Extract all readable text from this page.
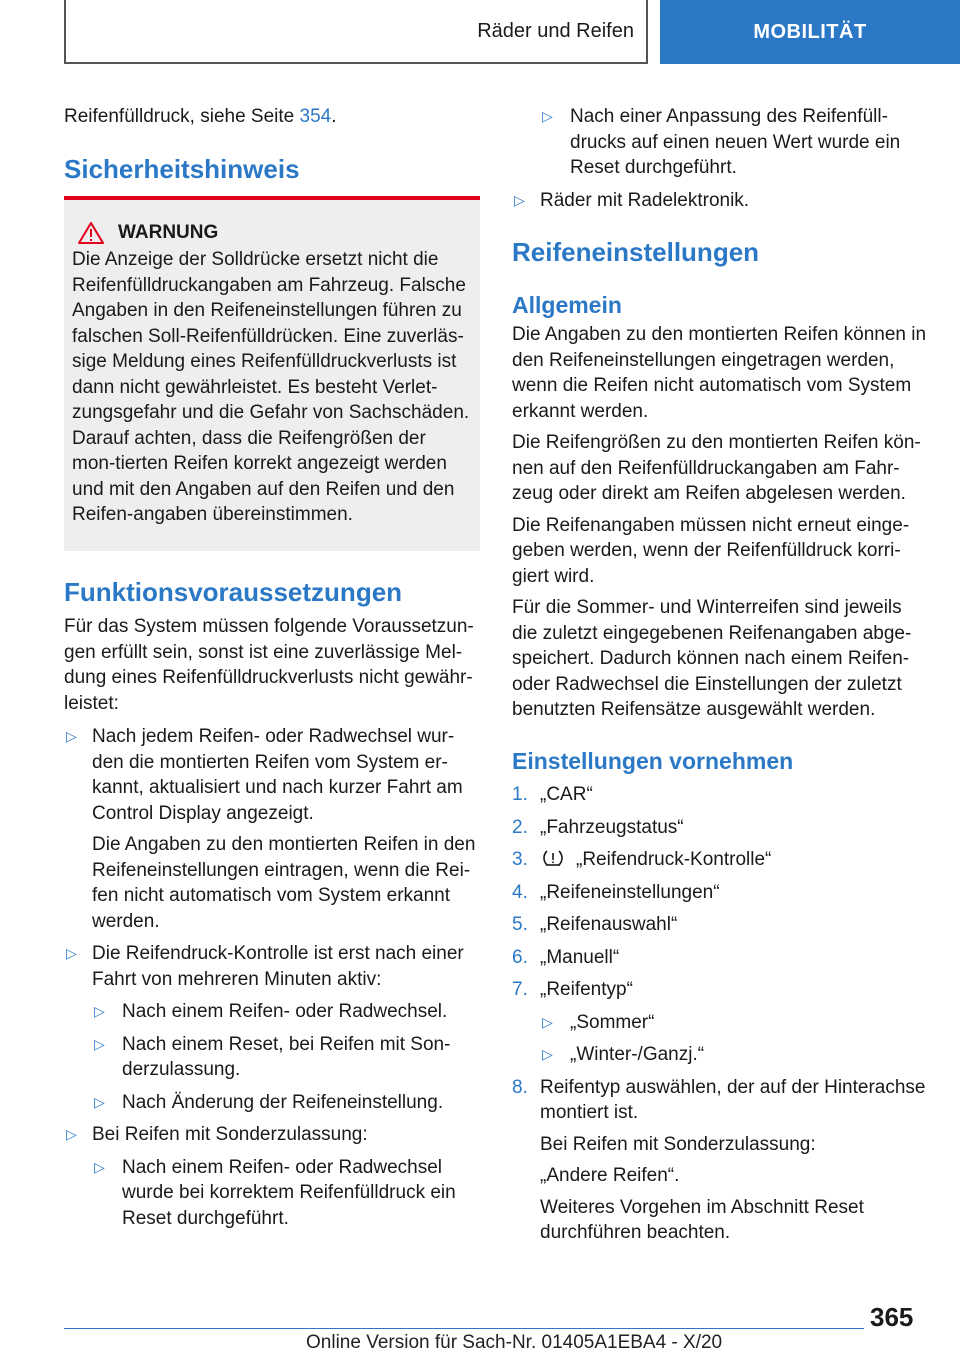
Räder und Reifen	MOBILITÄT

Reifenfülldruck, siehe Seite 354.

Sicherheitshinweis
WARNUNG

Die Anzeige der Solldrücke ersetzt nicht die Reifenfülldruckangaben am Fahrzeug. Falsche Angaben in den Reifeneinstellungen führen zu falschen Soll-Reifenfülldrücken. Eine zuverläs-sige Meldung eines Reifenfülldruckverlusts ist dann nicht gewährleistet. Es besteht Verlet-zungsgefahr und die Gefahr von Sachschäden. Darauf achten, dass die Reifengrößen der mon-tierten Reifen korrekt angezeigt werden und mit den Angaben auf den Reifen und den Reifen-angaben übereinstimmen.

Funktionsvoraussetzungen

Für das System müssen folgende Voraussetzun-gen erfüllt sein, sonst ist eine zuverlässige Mel-dung eines Reifenfülldruckverlusts nicht gewähr-leistet:

▷ Nach jedem Reifen- oder Radwechsel wur-den die montierten Reifen vom System er-kannt, aktualisiert und nach kurzer Fahrt am Control Display angezeigt.

Die Angaben zu den montierten Reifen in den Reifeneinstellungen eintragen, wenn die Rei-fen nicht automatisch vom System erkannt werden.

▷ Die Reifendruck-Kontrolle ist erst nach einer Fahrt von mehreren Minuten aktiv:

▷ Nach einem Reifen- oder Radwechsel.

▷ Nach einem Reset, bei Reifen mit Son-derzulassung.

▷ Nach Änderung der Reifeneinstellung.

▷ Bei Reifen mit Sonderzulassung:

▷ Nach einem Reifen- oder Radwechsel wurde bei korrektem Reifenfülldruck ein Reset durchgeführt.

▷ Nach einer Anpassung des Reifenfüll-drucks auf einen neuen Wert wurde ein Reset durchgeführt.

▷ Räder mit Radelektronik.

Reifeneinstellungen
Allgemein

Die Angaben zu den montierten Reifen können in den Reifeneinstellungen eingetragen werden, wenn die Reifen nicht automatisch vom System erkannt werden.

Die Reifengrößen zu den montierten Reifen kön-nen auf den Reifenfülldruckangaben am Fahr-zeug oder direkt am Reifen abgelesen werden.

Die Reifenangaben müssen nicht erneut einge-geben werden, wenn der Reifenfülldruck korri-giert wird.

Für die Sommer- und Winterreifen sind jeweils die zuletzt eingegebenen Reifenangaben abge-speichert. Dadurch können nach einem Reifen- oder Radwechsel die Einstellungen der zuletzt benutzten Reifensätze ausgewählt werden.

Einstellungen vornehmen
1. „CAR“

2. „Fahrzeugstatus“

3.	„Reifendruck-Kontrolle“

4. „Reifeneinstellungen“

5. „Reifenauswahl“

6. „Manuell“

7. „Reifentyp“

▷ „Sommer“

▷ „Winter-/Ganzj.“

8. Reifentyp auswählen, der auf der Hinterachse montiert ist.

Bei Reifen mit Sonderzulassung:

„Andere Reifen“.

Weiteres Vorgehen im Abschnitt Reset durchführen beachten.

365
Online Version für Sach-Nr. 01405A1EBA4 - X/20
